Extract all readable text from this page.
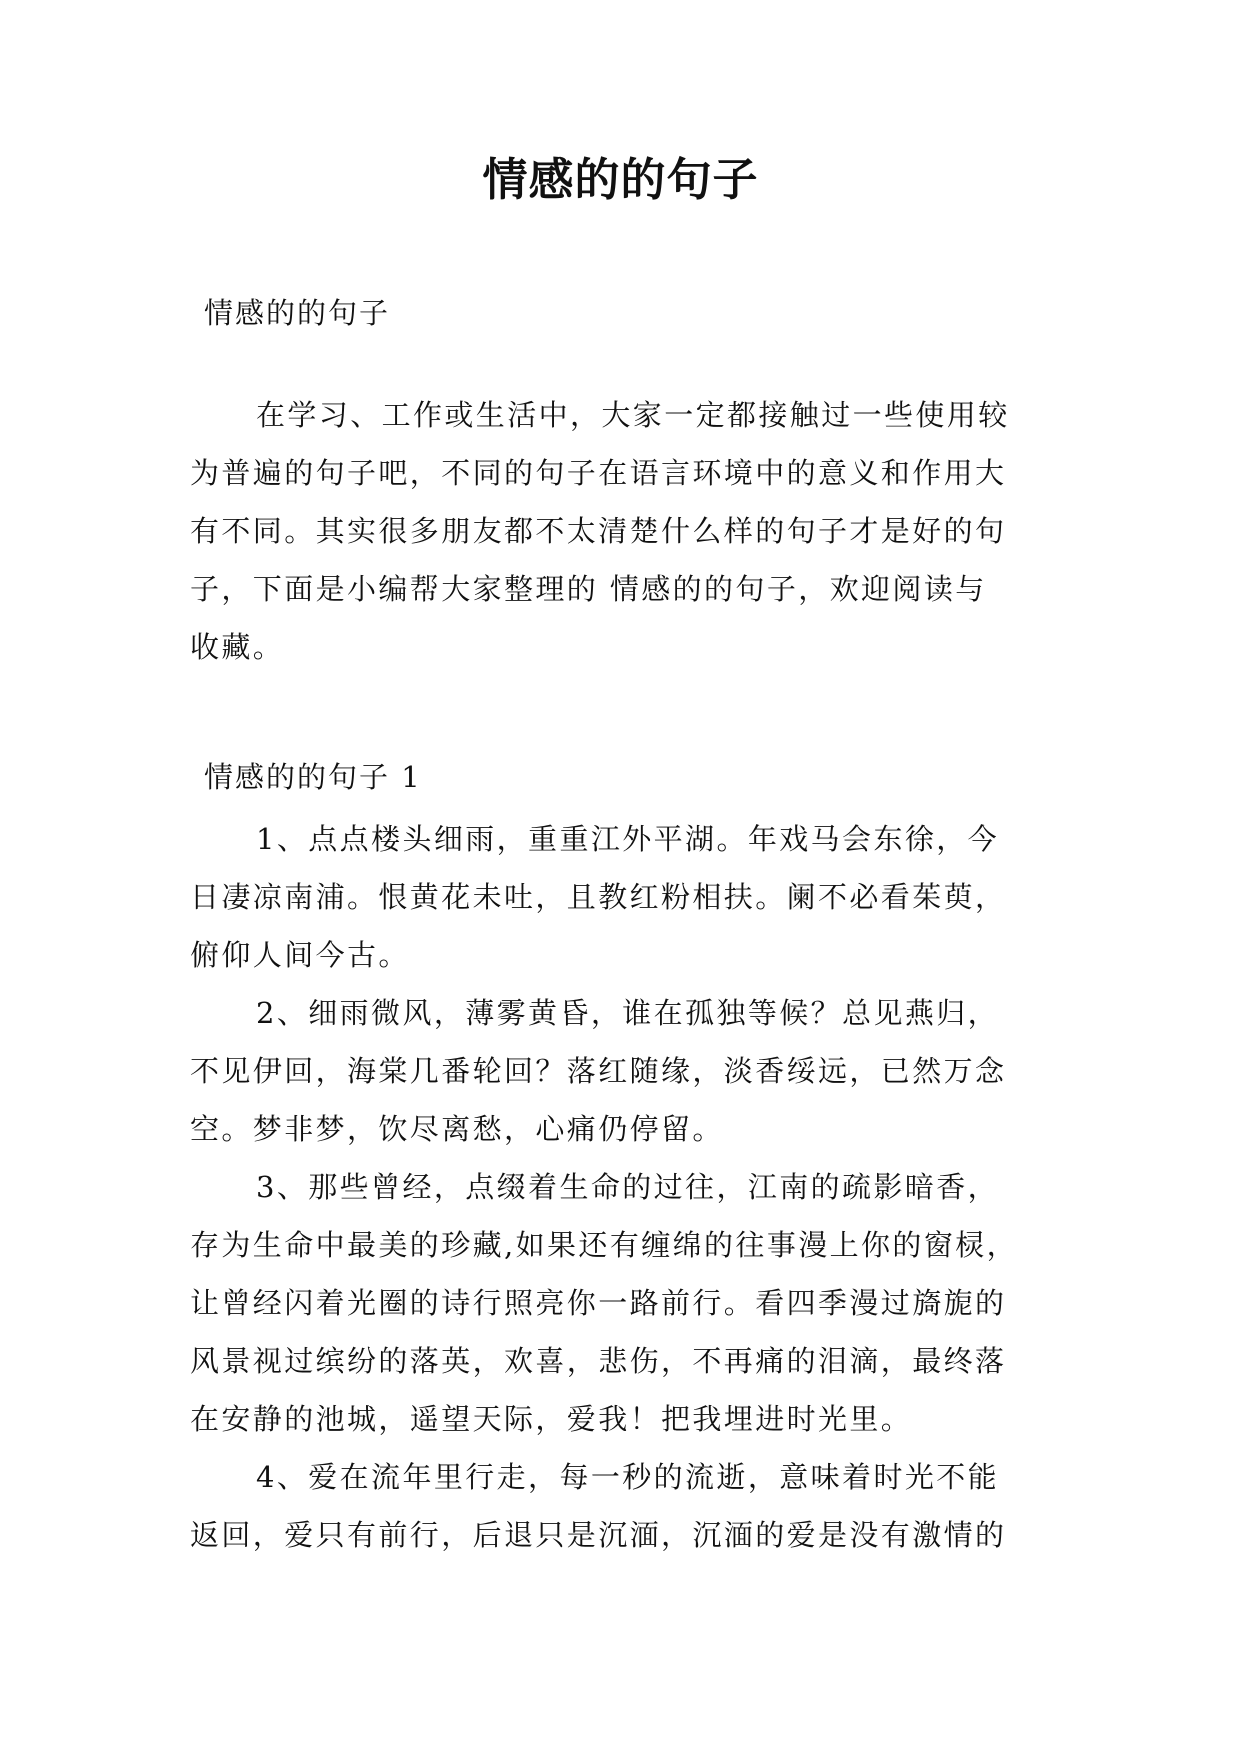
情感的的句子

情感的的句子

在学习、工作或生活中，大家一定都接触过一些使用较
为普遍的句子吧，不同的句子在语言环境中的意义和作用大
有不同。其实很多朋友都不太清楚什么样的句子才是好的句
子，下面是小编帮大家整理的 情感的的句子，欢迎阅读与
收藏。

情感的的句子 1

1、点点楼头细雨，重重江外平湖。年戏马会东徐，今
日凄凉南浦。恨黄花未吐，且教红粉相扶。阑不必看茱萸，
俯仰人间今古。
2、细雨微风，薄雾黄昏，谁在孤独等候？总见燕归，
不见伊回，海棠几番轮回？落红随缘，淡香绥远，已然万念
空。梦非梦，饮尽离愁，心痛仍停留。
3、那些曾经，点缀着生命的过往，江南的疏影暗香，
存为生命中最美的珍藏,如果还有缠绵的往事漫上你的窗棂，
让曾经闪着光圈的诗行照亮你一路前行。看四季漫过旖旎的
风景视过缤纷的落英，欢喜，悲伤，不再痛的泪滴，最终落
在安静的池城，遥望天际，爱我！把我埋进时光里。
4、爱在流年里行走，每一秒的流逝，意味着时光不能
返回，爱只有前行，后退只是沉湎，沉湎的爱是没有激情的
